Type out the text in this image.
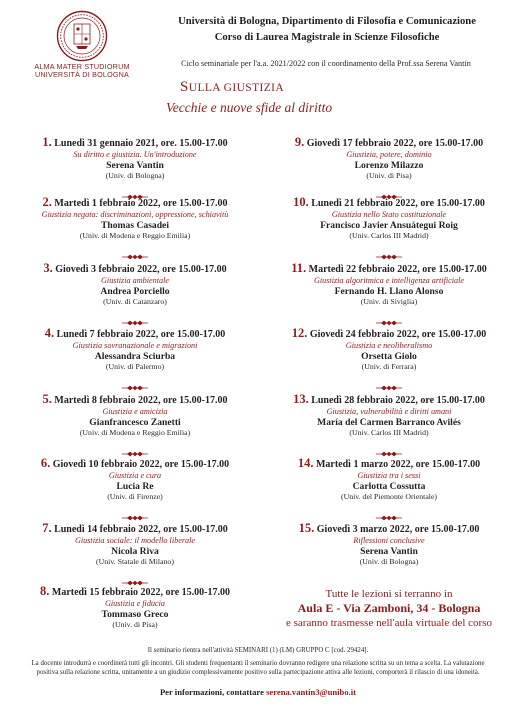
ALMA MATER STUDIORUM
UNIVERSITÀ DI BOLOGNA
Università di Bologna, Dipartimento di Filosofia e Comunicazione
Corso di Laurea Magistrale in Scienze Filosofiche
Ciclo seminariale per l'a.a. 2021/2022 con il coordinamento della Prof.ssa Serena Vantin
SULLA GIUSTIZIA
Vecchie e nuove sfide al diritto
1. Lunedì 31 gennaio 2021, ore. 15.00-17.00
Su diritto e giustizia. Un'introduzione
Serena Vantin
(Univ. di Bologna)
2. Martedì 1 febbraio 2022, ore 15.00-17.00
Giustizia negata: discriminazioni, oppressione, schiavitù
Thomas Casadei
(Univ. di Modena e Reggio Emilia)
3. Giovedì 3 febbraio 2022, ore 15.00-17.00
Giustizia ambientale
Andrea Porciello
(Univ. di Catanzaro)
4. Lunedì 7 febbraio 2022, ore 15.00-17.00
Giustizia sovranazionale e migrazioni
Alessandra Sciurba
(Univ. di Palermo)
5. Martedì 8 febbraio 2022, ore 15.00-17.00
Giustizia e amicizia
Gianfrancesco Zanetti
(Univ. di Modena e Reggio Emilia)
6. Giovedì 10 febbraio 2022, ore 15.00-17.00
Giustizia e cura
Lucia Re
(Univ. di Firenze)
7. Lunedì 14 febbraio 2022, ore 15.00-17.00
Giustizia sociale: il modello liberale
Nicola Riva
(Univ. Statale di Milano)
8. Martedì 15 febbraio 2022, ore 15.00-17.00
Giustizia e fiducia
Tommaso Greco
(Univ. di Pisa)
9. Giovedì 17 febbraio 2022, ore 15.00-17.00
Giustizia, potere, dominio
Lorenzo Milazzo
(Univ. di Pisa)
10. Lunedì 21 febbraio 2022, ore 15.00-17.00
Giustizia nello Stato costituzionale
Francisco Javier Ansuátegui Roig
(Univ. Carlos III Madrid)
11. Martedì 22 febbraio 2022, ore 15.00-17.00
Giustizia algoritmica e intelligenza artificiale
Fernando H. Llano Alonso
(Univ. di Siviglia)
12. Giovedì 24 febbraio 2022, ore 15.00-17.00
Giustizia e neoliberalismo
Orsetta Giolo
(Univ. di Ferrara)
13. Lunedì 28 febbraio 2022, ore 15.00-17.00
Giustizia, vulnerabilità e diritti umani
María del Carmen Barranco Avilés
(Univ. Carlos III Madrid)
14. Martedì 1 marzo 2022, ore 15.00-17.00
Giustizia tra i sessi
Carlotta Cossutta
(Univ. del Piemonte Orientale)
15. Giovedì 3 marzo 2022, ore 15.00-17.00
Riflessioni conclusive
Serena Vantin
(Univ. di Bologna)
Tutte le lezioni si terranno in
Aula E - Via Zamboni, 34 - Bologna
e saranno trasmesse nell'aula virtuale del corso
Il seminario rientra nell'attività SEMINARI (1) (LM) GRUPPO C [cod. 29424].
La docente introdurrà e coordinerà tutti gli incontri. Gli studenti frequentanti il seminario dovranno redigere una relazione scritta su un tema a scelta. La valutazione positiva sulla relazione scritta, unitamente a un giudizio complessivamente positivo sulla partecipazione attiva alle lezioni, comporterà il rilascio di una idoneità.
Per informazioni, contattare serena.vantin3@unibo.it
